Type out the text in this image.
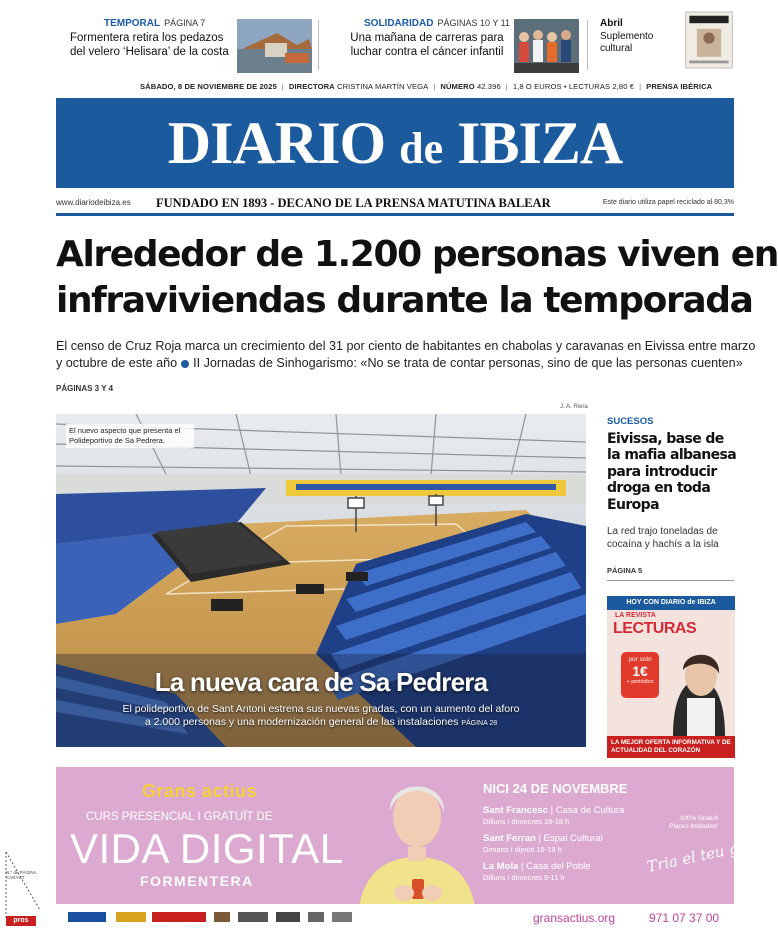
TEMPORAL PÁGINA 7
Formentera retira los pedazos
del velero ‘Helisara’ de la costa
SOLIDARIDAD PÁGINAS 10 Y 11
Una mañana de carreras para
luchar contra el cáncer infantil
Abril
Suplemento
cultural
SÁBADO, 8 DE NOVIEMBRE DE 2025 | DIRECTORA CRISTINA MARTÍN VEGA | NÚMERO 42.396 | 1,8 O EUROS • LECTURAS 2,80 € | PRENSA IBÉRICA
DIARIO de IBIZA
www.diariodeibiza.es FUNDADO EN 1893 - DECANO DE LA PRENSA MATUTINA BALEAR	Este diario utiliza papel reciclado al 80,3%
Alrededor de 1.200 personas viven en
infraviviendas durante la temporada
El censo de Cruz Roja marca un crecimiento del 31 por ciento de habitantes en chabolas y caravanas en Eivissa entre marzo
y octubre de este año II Jornadas de Sinhogarismo: «No se trata de contar personas, sino de que las personas cuenten»
PÁGINAS 3 Y 4
J. A. Riera
El nuevo aspecto que presenta el Polideportivo de Sa Pedrera.
La nueva cara de Sa Pedrera
El polideportivo de Sant Antoni estrena sus nuevas gradas, con un aumento del aforo
a 2.000 personas y una modernización general de las instalaciones PÁGINA 28
SUCESOS
Eivissa, base de
la mafia albanesa
para introducir
droga en toda
Europa
La red trajo toneladas de cocaína y hachís a la isla
PÁGINA 5
HOY CON DIARIO de IBIZA
LA REVISTA
LECTURAS
por solo
1€
+ periódico
LA MEJOR OFERTA INFORMATIVA Y DE ACTUALIDAD DEL CORAZÓN
Grans actius
CURS PRESENCIAL I GRATUÏT DE
VIDA DIGITAL
FORMENTERA
NICI 24 DE NOVEMBRE
Sant Francesc | Casa de Cultura
Dilluns i dimecres 16-18 h
Sant Ferran | Espai Cultural
Dimarts i dijous 16-18 h
La Mola | Casa del Poble
Dilluns i dimecres 9-11 h
100% Gratuït
Places limitades!
Tria el teu grup!
gransactius.org	971 07 37 00
N.º de PÁGINA CARÁCT
pros
